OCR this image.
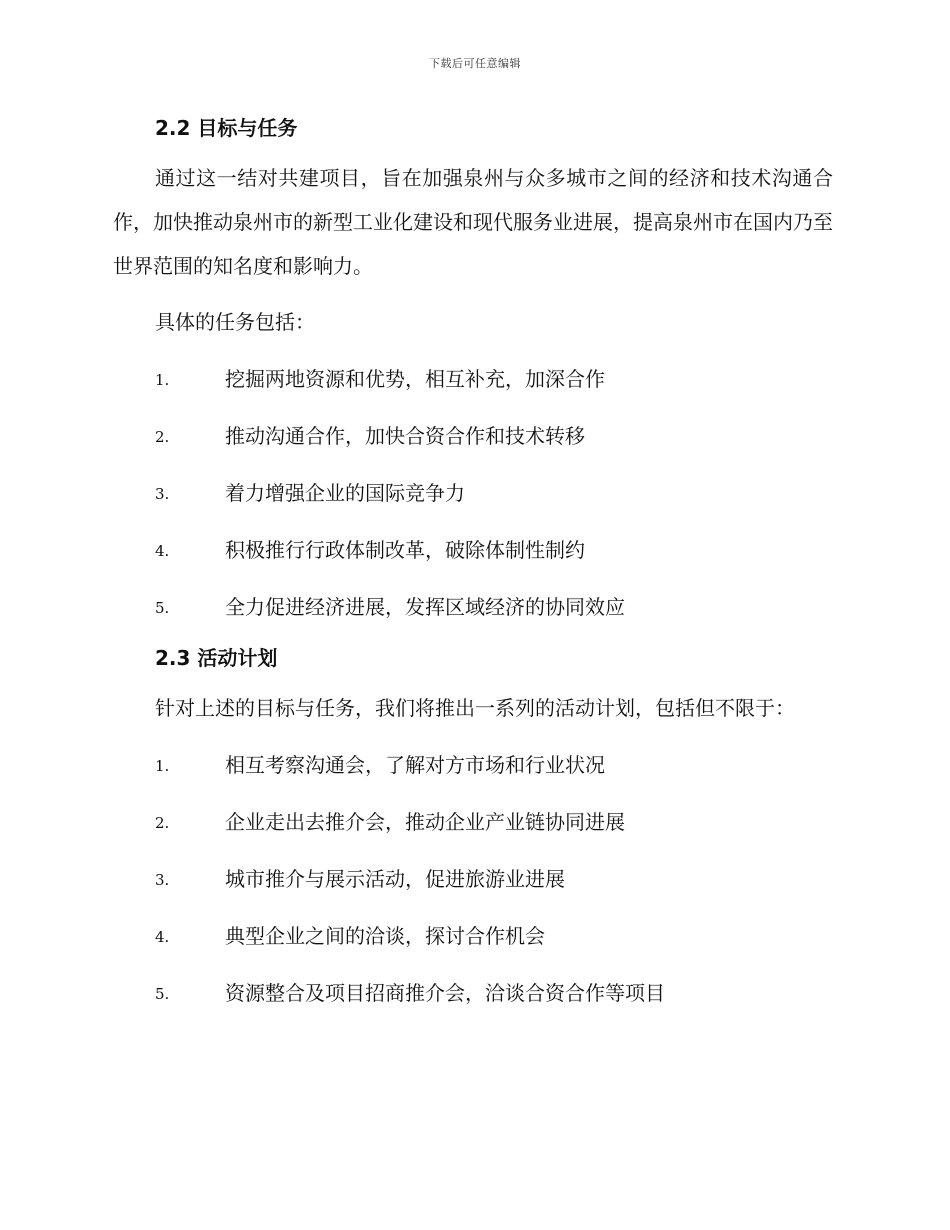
下载后可任意编辑
2.2 目标与任务

通过这一结对共建项目，旨在加强泉州与众多城市之间的经济和技术沟通合作，加快推动泉州市的新型工业化建设和现代服务业进展，提高泉州市在国内乃至世界范围的知名度和影响力。

具体的任务包括：

1.	挖掘两地资源和优势，相互补充，加深合作
2.	推动沟通合作，加快合资合作和技术转移
3.	着力增强企业的国际竞争力
4.	积极推行行政体制改革，破除体制性制约
5.	全力促进经济进展，发挥区域经济的协同效应
2.3 活动计划

针对上述的目标与任务，我们将推出一系列的活动计划，包括但不限于：

1.	相互考察沟通会，了解对方市场和行业状况
2.	企业走出去推介会，推动企业产业链协同进展
3.	城市推介与展示活动，促进旅游业进展
4.	典型企业之间的洽谈，探讨合作机会
5.	资源整合及项目招商推介会，洽谈合资合作等项目
